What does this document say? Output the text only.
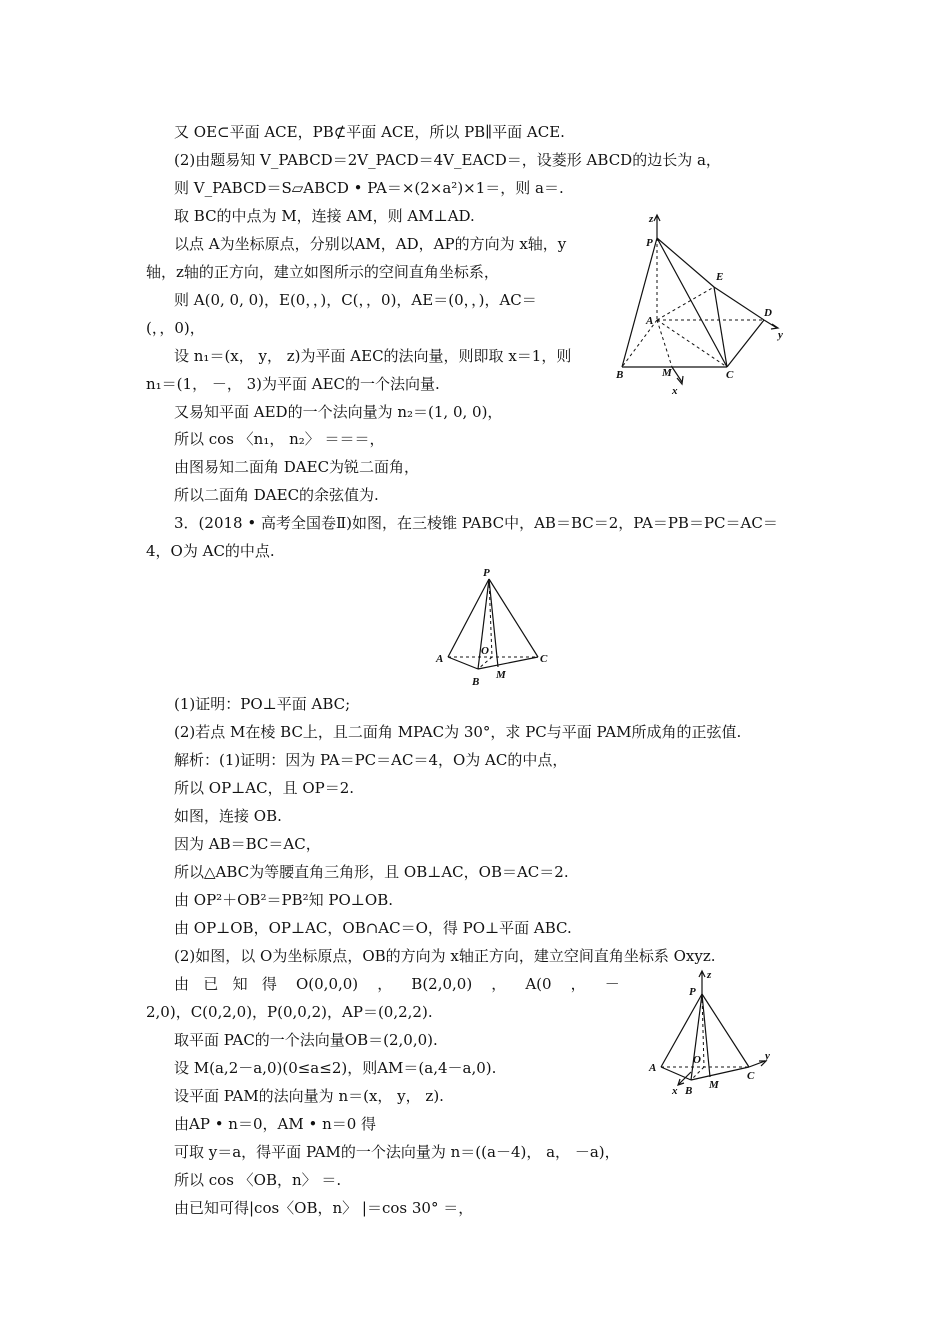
又 OE⊂平面 ACE，PB⊄平面 ACE，所以 PB∥平面 ACE.
(2)由题易知 V_PABCD＝2V_PACD＝4V_EACD＝，设菱形 ABCD的边长为 a，
则 V_PABCD＝S▱ABCD • PA＝×(2×a²)×1＝，则 a＝.
取 BC的中点为 M，连接 AM，则 AM⊥AD.
以点 A为坐标原点，分别以AM，AD，AP的方向为 x轴，y
轴，z轴的正方向，建立如图所示的空间直角坐标系，
则 A(0, 0, 0)，E(0，，)，C(，，0)，AE＝(0，，)，AC＝
(，，0)，
设 n₁＝(x， y， z)为平面 AEC的法向量，则即取 x＝1，则
n₁＝(1， －， 3)为平面 AEC的一个法向量.
又易知平面 AED的一个法向量为 n₂＝(1, 0, 0)，
所以 cos 〈n₁， n₂〉 ＝＝＝，
由图易知二面角 DAEC为锐二面角，
所以二面角 DAEC的余弦值为.
3．(2018 • 高考全国卷Ⅱ)如图，在三棱锥 PABC中，AB＝BC＝2，PA＝PB＝PC＝AC＝
4，O为 AC的中点.
(1)证明：PO⊥平面 ABC;
(2)若点 M在棱 BC上，且二面角 MPAC为 30°，求 PC与平面 PAM所成角的正弦值.
解析：(1)证明：因为 PA＝PC＝AC＝4，O为 AC的中点，
所以 OP⊥AC，且 OP＝2.
如图，连接 OB.
因为 AB＝BC＝AC，
所以△ABC为等腰直角三角形，且 OB⊥AC，OB＝AC＝2.
由 OP²＋OB²＝PB²知 PO⊥OB.
由 OP⊥OB，OP⊥AC，OB∩AC＝O，得 PO⊥平面 ABC.
(2)如图，以 O为坐标原点，OB的方向为 x轴正方向，建立空间直角坐标系 Oxyz.
由   已   知   得    O(0,0,0)    ，    B(2,0,0)    ，    A(0    ，    －
2,0)，C(0,2,0)，P(0,0,2)，AP＝(0,2,2).
取平面 PAC的一个法向量OB＝(2,0,0).
设 M(a,2－a,0)(0≤a≤2)，则AM＝(a,4－a,0).
设平面 PAM的法向量为 n＝(x， y， z).
由AP • n＝0，AM • n＝0 得
可取 y＝a，得平面 PAM的一个法向量为 n＝((a－4)， a， －a)，
所以 cos 〈OB，n〉 ＝.
由已知可得|cos〈OB，n〉 |＝cos 30° ＝，
z
P
E
D
y
A
B	M	C
x
P
A
O
C
B
M
z
P
y
O
A
C
x B M
